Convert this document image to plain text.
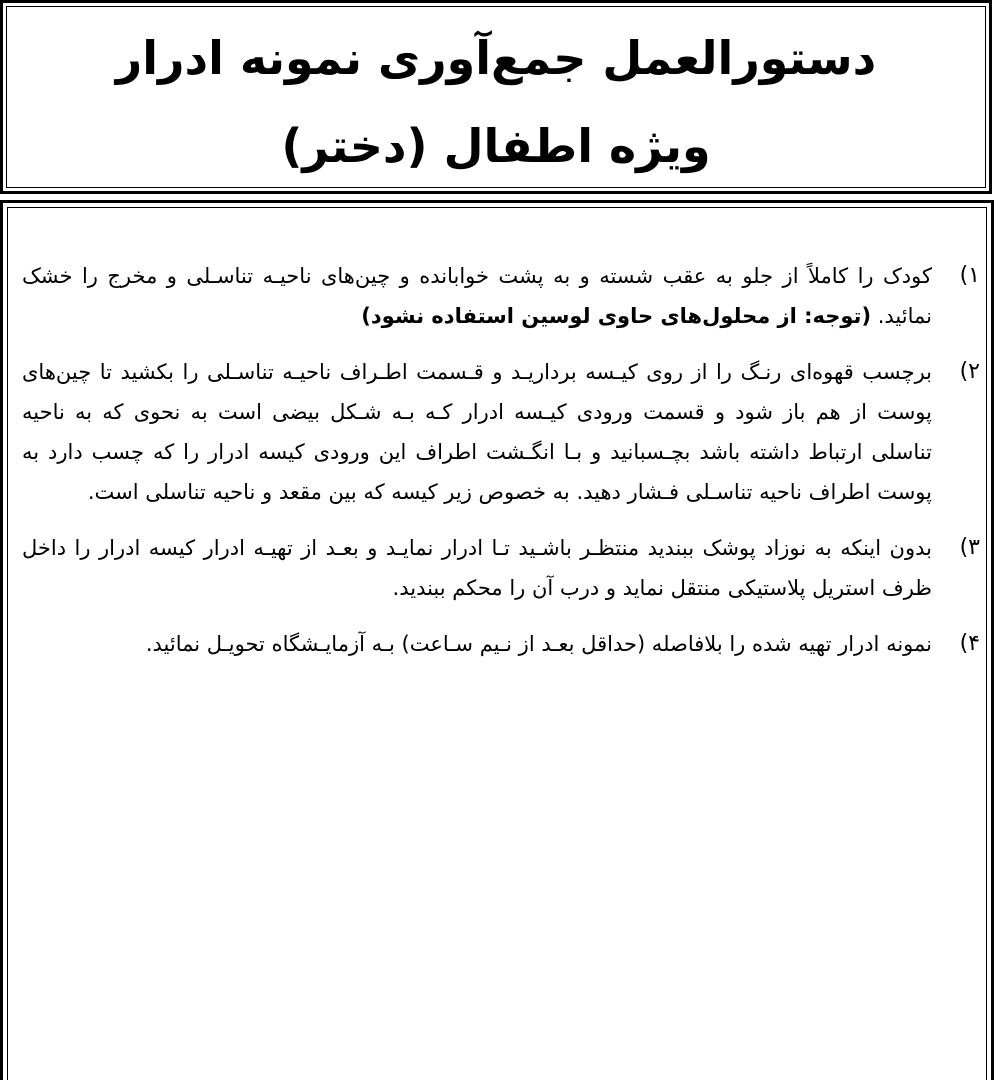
دستورالعمل جمع‌آوری نمونه ادرار
ویژه اطفال (دختر)
۱)
کودک را کاملاً از جلو به عقب شسته و به پشت خوابانده و چین‌های ناحیـه تناسـلی و مخرج را خشک نمائید. (توجه: از محلول‌های حاوی لوسین استفاده نشود)
۲)
برچسب قهوه‌ای رنـگ را از روی کیـسه برداریـد و قـسمت اطـراف ناحیـه تناسـلی را بکشید تا چین‌های پوست از هم باز شود و قسمت ورودی کیـسه ادرار کـه بـه شـکل بیضی است به نحوی که به ناحیه تناسلی ارتباط داشته باشد بچـسبانید و بـا انگـشت اطراف این ورودی کیسه ادرار را که چسب دارد به پوست اطراف ناحیه تناسـلی فـشار دهید. به خصوص زیر کیسه که بین مقعد و ناحیه تناسلی است.
۳)
بدون اینکه به نوزاد پوشک ببندید منتظـر باشـید تـا ادرار نمایـد و بعـد از تهیـه ادرار کیسه ادرار را داخل ظرف استریل پلاستیکی منتقل نماید و درب آن را محکم ببندید.
۴)
نمونه ادرار تهیه شده را بلافاصله (حداقل بعـد از نـیم سـاعت) بـه آزمایـشگاه تحویـل نمائید.
